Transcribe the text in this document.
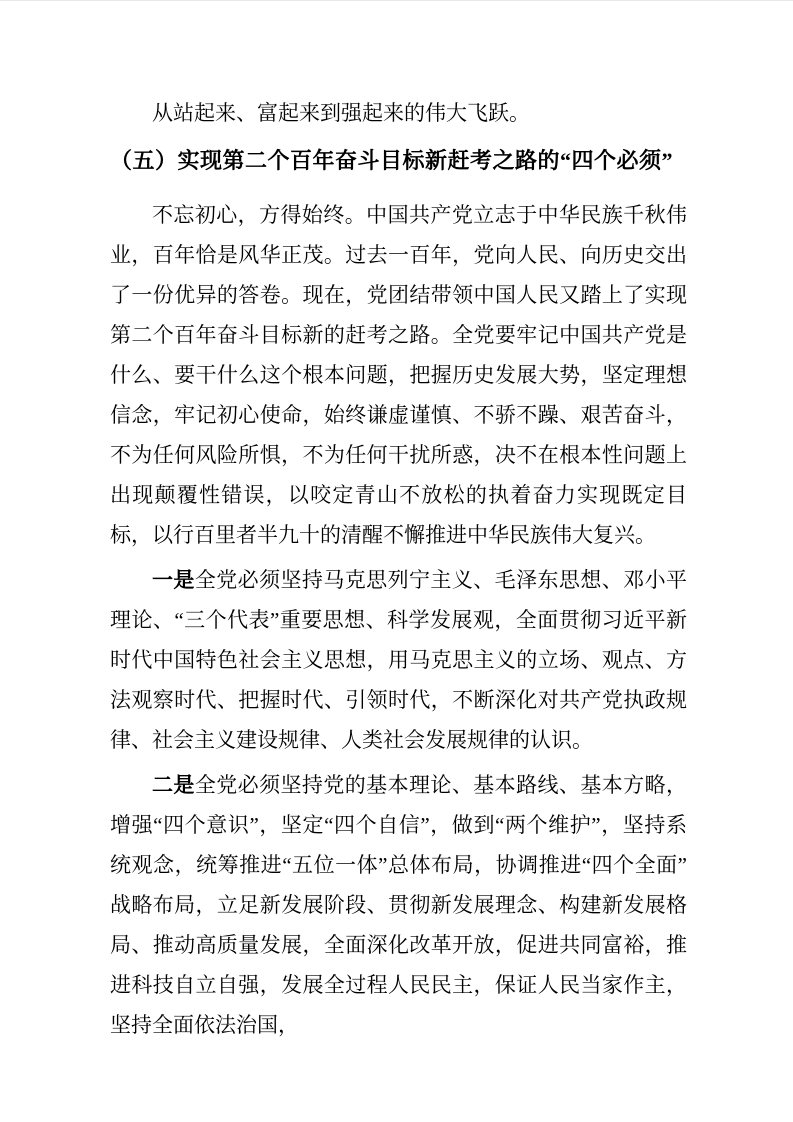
从站起来、富起来到强起来的伟大飞跃。

（五）实现第二个百年奋斗目标新赶考之路的“四个必须”

不忘初心，方得始终。中国共产党立志于中华民族千秋伟业，百年恰是风华正茂。过去一百年，党向人民、向历史交出了一份优异的答卷。现在，党团结带领中国人民又踏上了实现第二个百年奋斗目标新的赶考之路。全党要牢记中国共产党是什么、要干什么这个根本问题，把握历史发展大势，坚定理想信念，牢记初心使命，始终谦虚谨慎、不骄不躁、艰苦奋斗，不为任何风险所惧，不为任何干扰所惑，决不在根本性问题上出现颠覆性错误，以咬定青山不放松的执着奋力实现既定目标，以行百里者半九十的清醒不懈推进中华民族伟大复兴。

一是全党必须坚持马克思列宁主义、毛泽东思想、邓小平理论、“三个代表”重要思想、科学发展观，全面贯彻习近平新时代中国特色社会主义思想，用马克思主义的立场、观点、方法观察时代、把握时代、引领时代，不断深化对共产党执政规律、社会主义建设规律、人类社会发展规律的认识。

二是全党必须坚持党的基本理论、基本路线、基本方略，增强“四个意识”，坚定“四个自信”，做到“两个维护”，坚持系统观念，统筹推进“五位一体”总体布局，协调推进“四个全面”战略布局，立足新发展阶段、贯彻新发展理念、构建新发展格局、推动高质量发展，全面深化改革开放，促进共同富裕，推进科技自立自强，发展全过程人民民主，保证人民当家作主，坚持全面依法治国，
